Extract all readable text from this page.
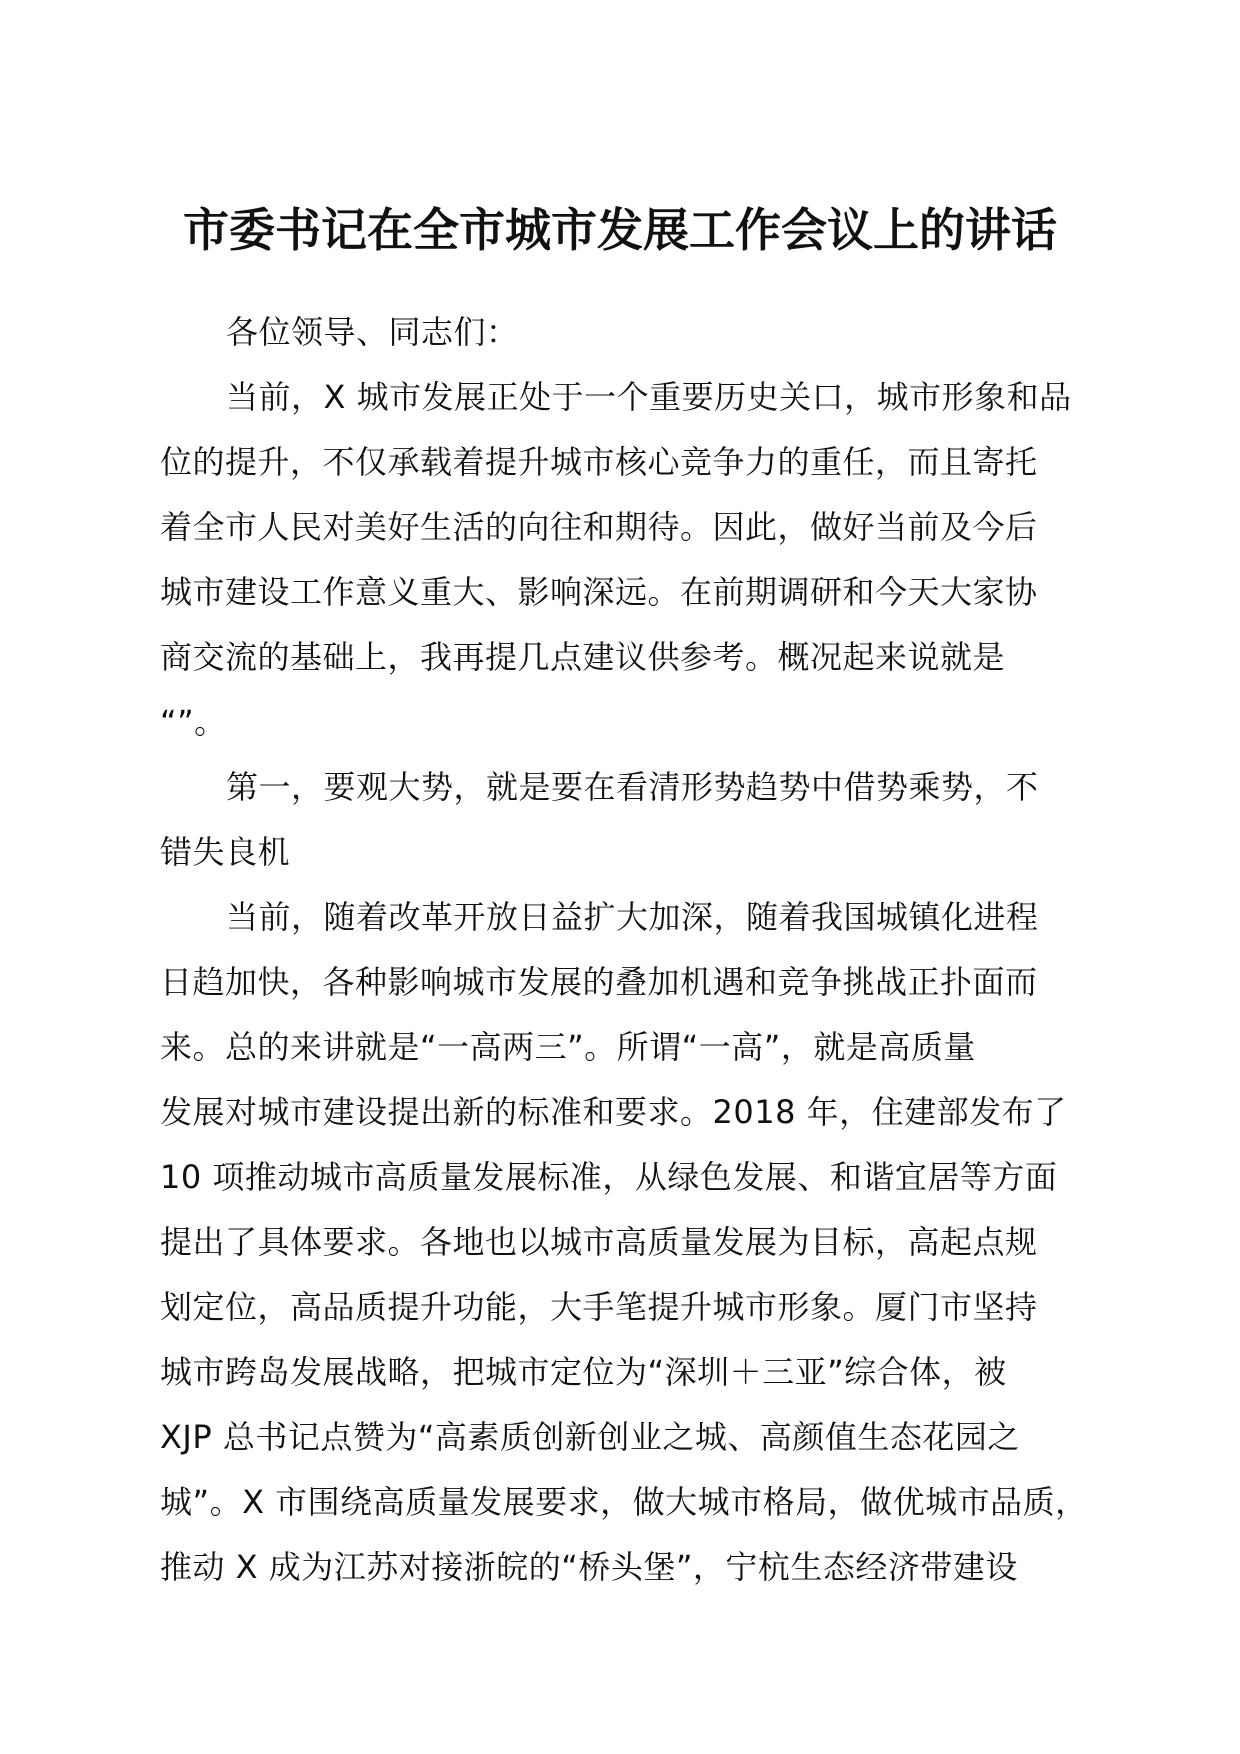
市委书记在全市城市发展工作会议上的讲话
各位领导、同志们：
当前，X 城市发展正处于一个重要历史关口，城市形象和品
位的提升，不仅承载着提升城市核心竞争力的重任，而且寄托
着全市人民对美好生活的向往和期待。因此，做好当前及今后
城市建设工作意义重大、影响深远。在前期调研和今天大家协
商交流的基础上，我再提几点建议供参考。概况起来说就是
“”。
第一，要观大势，就是要在看清形势趋势中借势乘势，不
错失良机
当前，随着改革开放日益扩大加深，随着我国城镇化进程
日趋加快，各种影响城市发展的叠加机遇和竞争挑战正扑面而
来。总的来讲就是“一高两三”。所谓“一高”，就是高质量
发展对城市建设提出新的标准和要求。2018 年，住建部发布了
10 项推动城市高质量发展标准，从绿色发展、和谐宜居等方面
提出了具体要求。各地也以城市高质量发展为目标，高起点规
划定位，高品质提升功能，大手笔提升城市形象。厦门市坚持
城市跨岛发展战略，把城市定位为“深圳＋三亚”综合体，被
XJP 总书记点赞为“高素质创新创业之城、高颜值生态花园之
城”。X 市围绕高质量发展要求，做大城市格局，做优城市品质，
推动 X 成为江苏对接浙皖的“桥头堡”，宁杭生态经济带建设
